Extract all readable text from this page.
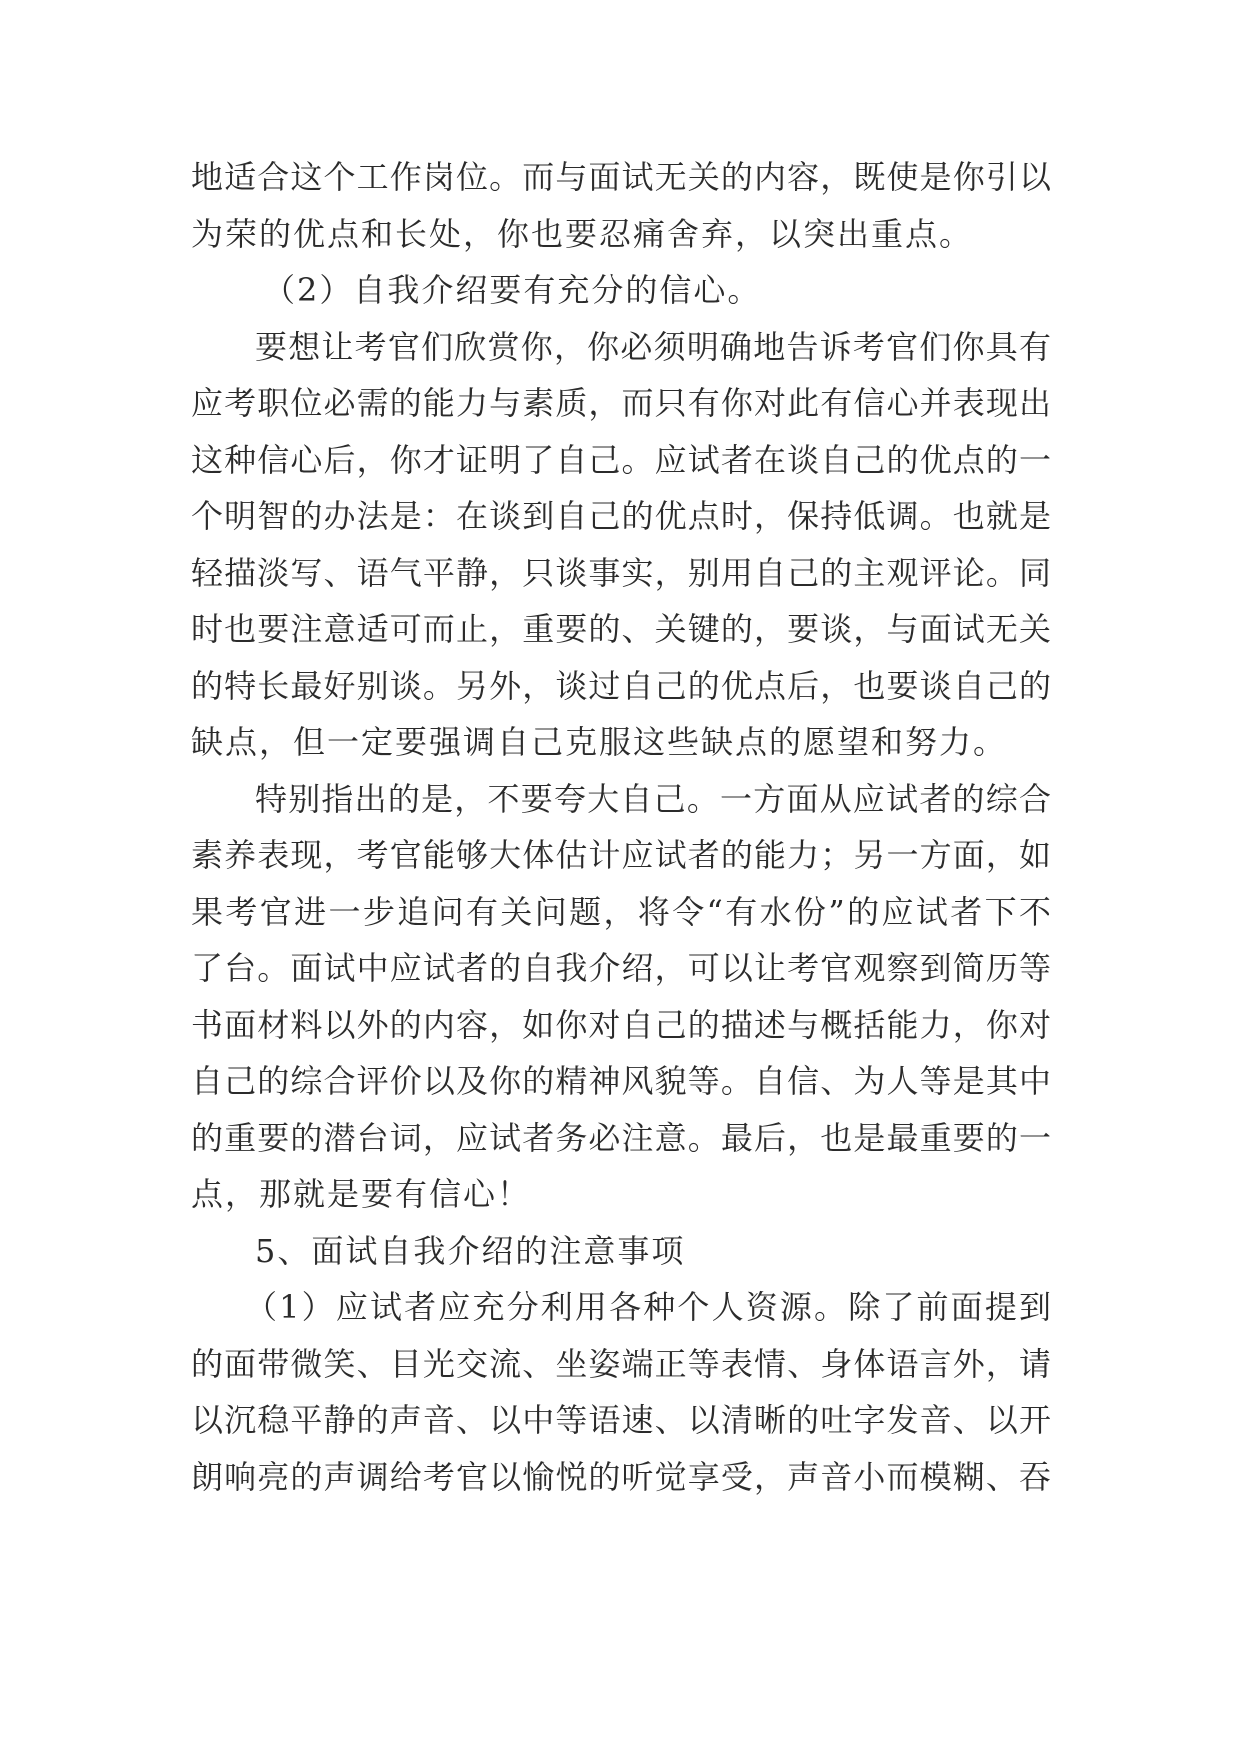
地适合这个工作岗位。而与面试无关的内容，既使是你引以
为荣的优点和长处，你也要忍痛舍弃，以突出重点。
（2）自我介绍要有充分的信心。
要想让考官们欣赏你，你必须明确地告诉考官们你具有
应考职位必需的能力与素质，而只有你对此有信心并表现出
这种信心后，你才证明了自己。应试者在谈自己的优点的一
个明智的办法是：在谈到自己的优点时，保持低调。也就是
轻描淡写、语气平静，只谈事实，别用自己的主观评论。同
时也要注意适可而止，重要的、关键的，要谈，与面试无关
的特长最好别谈。另外，谈过自己的优点后，也要谈自己的
缺点，但一定要强调自己克服这些缺点的愿望和努力。
特别指出的是，不要夸大自己。一方面从应试者的综合
素养表现，考官能够大体估计应试者的能力；另一方面，如
果考官进一步追问有关问题，将令“有水份”的应试者下不
了台。面试中应试者的自我介绍，可以让考官观察到简历等
书面材料以外的内容，如你对自己的描述与概括能力，你对
自己的综合评价以及你的精神风貌等。自信、为人等是其中
的重要的潜台词，应试者务必注意。最后，也是最重要的一
点，那就是要有信心！
5、面试自我介绍的注意事项
（1）应试者应充分利用各种个人资源。除了前面提到
的面带微笑、目光交流、坐姿端正等表情、身体语言外，请
以沉稳平静的声音、以中等语速、以清晰的吐字发音、以开
朗响亮的声调给考官以愉悦的听觉享受，声音小而模糊、吞
